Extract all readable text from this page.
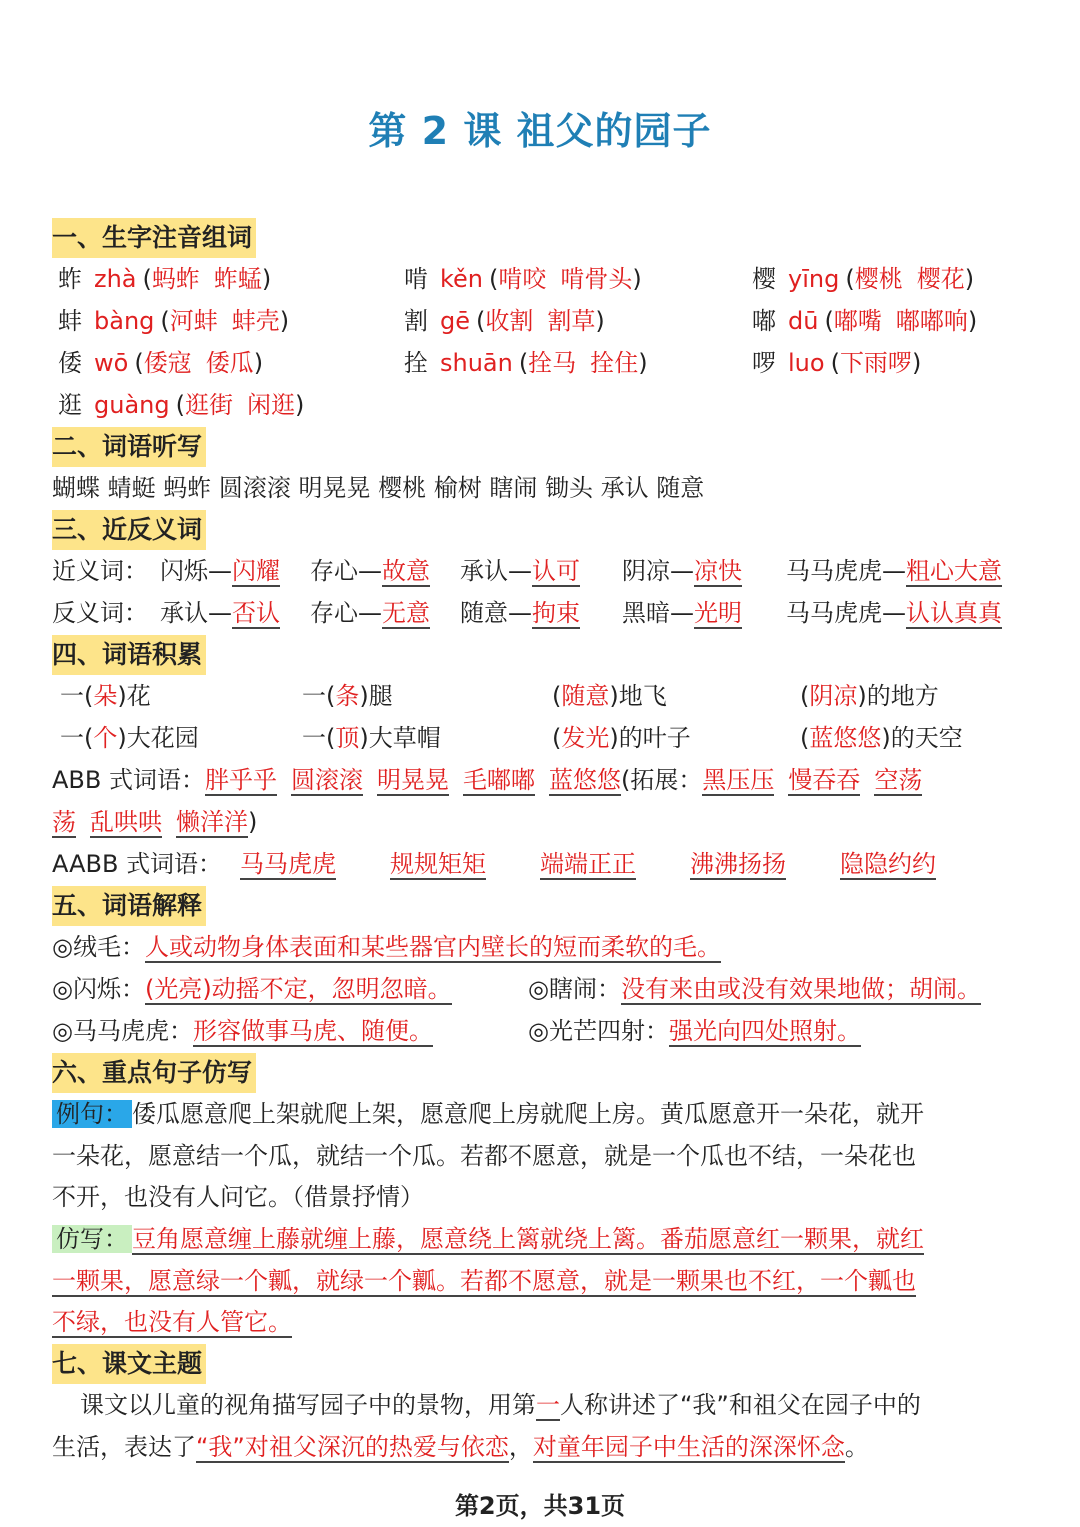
第 2 课 祖父的园子
一、生字注音组词
蚱 zhà (蚂蚱 蚱蜢)	啃 kěn (啃咬 啃骨头)	樱 yīng (樱桃 樱花)
蚌 bàng (河蚌 蚌壳)	割 gē (收割 割草)	嘟 dū (嘟嘴 嘟嘟响)
倭 wō (倭寇 倭瓜)	拴 shuān (拴马 拴住)	啰 luo (下雨啰)
逛 guàng (逛街 闲逛)
二、词语听写
蝴蝶 蜻蜓 蚂蚱 圆滚滚 明晃晃 樱桃 榆树 瞎闹 锄头 承认 随意
三、近反义词
近义词： 闪烁—闪耀 存心—故意 承认—认可 阴凉—凉快 马马虎虎—粗心大意
反义词： 承认—否认 存心—无意 随意—拘束 黑暗—光明 马马虎虎—认认真真
四、词语积累
一(朵)花	一(条)腿	(随意)地飞	(阴凉)的地方
一(个)大花园	一(顶)大草帽	(发光)的叶子	(蓝悠悠)的天空
ABB 式词语：胖乎乎 圆滚滚 明晃晃 毛嘟嘟 蓝悠悠(拓展：黑压压 慢吞吞 空荡
荡 乱哄哄 懒洋洋)
AABB 式词语： 马马虎虎 规规矩矩 端端正正 沸沸扬扬 隐隐约约
五、词语解释
◎绒毛：人或动物身体表面和某些器官内壁长的短而柔软的毛。
◎闪烁：(光亮)动摇不定，忽明忽暗。	◎瞎闹：没有来由或没有效果地做；胡闹。
◎马马虎虎：形容做事马虎、随便。	◎光芒四射：强光向四处照射。
六、重点句子仿写
例句： 倭瓜愿意爬上架就爬上架，愿意爬上房就爬上房。黄瓜愿意开一朵花，就开
一朵花，愿意结一个瓜，就结一个瓜。若都不愿意，就是一个瓜也不结，一朵花也
不开，也没有人问它。（借景抒情）
仿写： 豆角愿意缠上藤就缠上藤，愿意绕上篱就绕上篱。番茄愿意红一颗果，就红
一颗果，愿意绿一个瓤，就绿一个瓤。若都不愿意，就是一颗果也不红，一个瓤也
不绿，也没有人管它。
七、课文主题
课文以儿童的视角描写园子中的景物，用第一人称讲述了“我”和祖父在园子中的
生活，表达了“我”对祖父深沉的热爱与依恋，对童年园子中生活的深深怀念。
第2页，共31页
